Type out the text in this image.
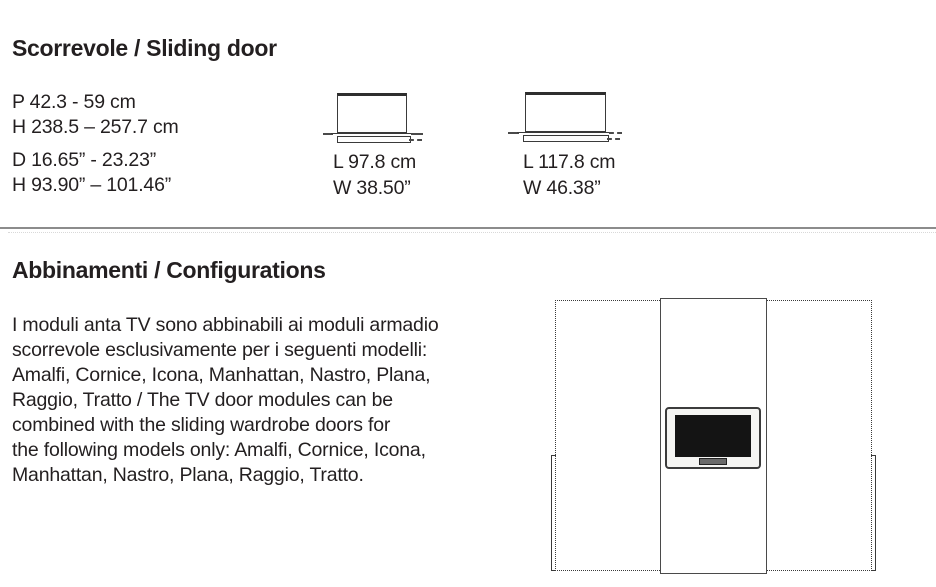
Scorrevole / Sliding door
P 42.3 - 59 cm
H 238.5 – 257.7 cm
D 16.65” - 23.23”
H 93.90” – 101.46”
L 97.8 cm
W 38.50”
L 117.8 cm
W 46.38”
Abbinamenti / Configurations
I moduli anta TV sono abbinabili ai moduli armadio
scorrevole esclusivamente per i seguenti modelli:
Amalfi, Cornice, Icona, Manhattan, Nastro, Plana,
Raggio, Tratto / The TV door modules can be
combined with the sliding wardrobe doors for
the following models only: Amalfi, Cornice, Icona,
Manhattan, Nastro, Plana, Raggio, Tratto.
